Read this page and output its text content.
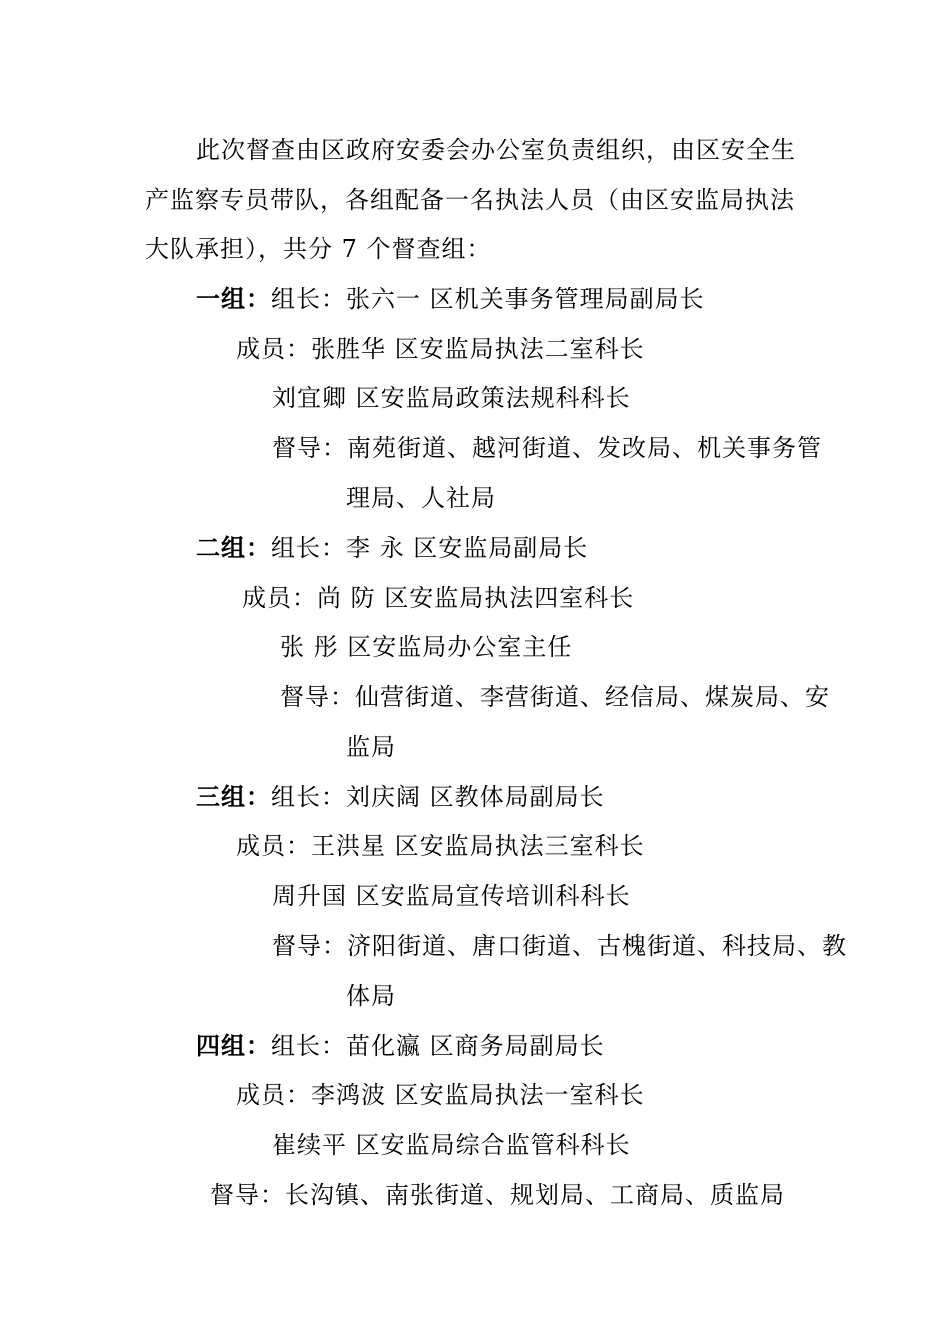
此次督查由区政府安委会办公室负责组织，由区安全生
产监察专员带队，各组配备一名执法人员（由区安监局执法
大队承担），共分 7 个督查组：
一组：组长：张六一 区机关事务管理局副局长
成员：张胜华 区安监局执法二室科长
刘宜卿 区安监局政策法规科科长
督导：南苑街道、越河街道、发改局、机关事务管
理局、人社局
二组：组长：李 永 区安监局副局长
成员：尚 防 区安监局执法四室科长
张 彤 区安监局办公室主任
督导：仙营街道、李营街道、经信局、煤炭局、安
监局
三组：组长：刘庆阔 区教体局副局长
成员：王洪星 区安监局执法三室科长
周升国 区安监局宣传培训科科长
督导：济阳街道、唐口街道、古槐街道、科技局、教
体局
四组：组长：苗化瀛 区商务局副局长
成员：李鸿波 区安监局执法一室科长
崔续平 区安监局综合监管科科长
督导：长沟镇、南张街道、规划局、工商局、质监局
